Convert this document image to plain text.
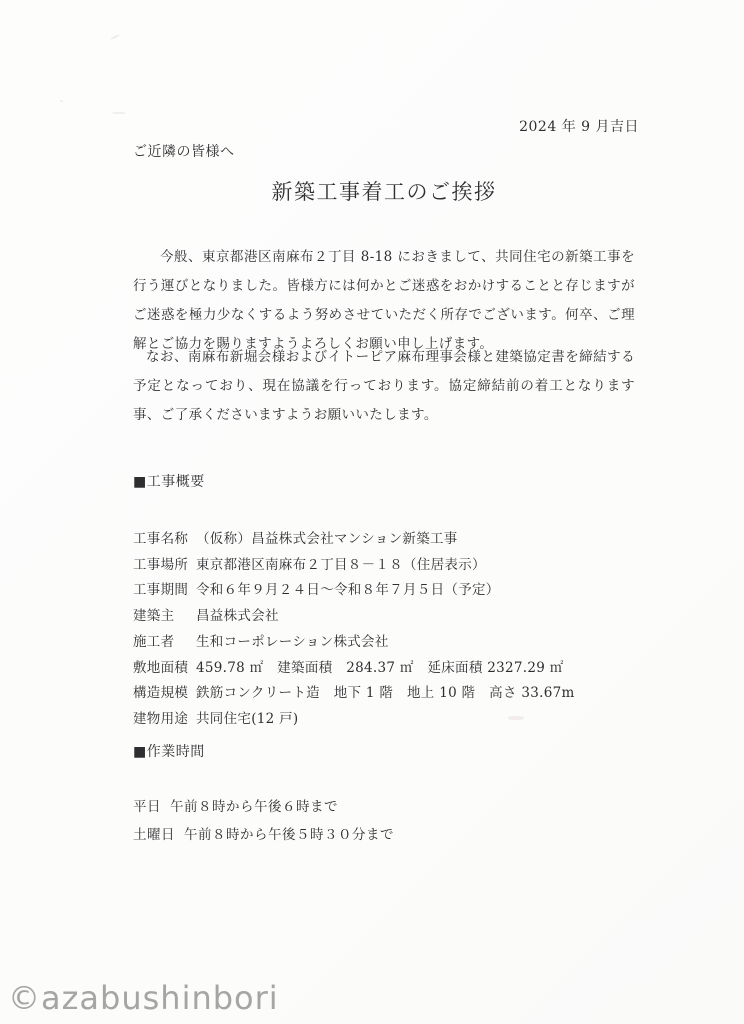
2024 年 9 月吉日
ご近隣の皆様へ
新築工事着工のご挨拶

今般、東京都港区南麻布２丁目 8-18 におきまして、共同住宅の新築工事を行う運びとなりました。皆様方には何かとご迷惑をおかけすることと存じますがご迷惑を極力少なくするよう努めさせていただく所存でございます。何卒、ご理解とご協力を賜りますようよろしくお願い申し上げます。

なお、南麻布新堀会様およびイトーピア麻布理事会様と建築協定書を締結する予定となっており、現在協議を行っております。協定締結前の着工となります事、ご了承くださいますようお願いいたします。

■工事概要
工事名称 （仮称）昌益株式会社マンション新築工事
工事場所 東京都港区南麻布２丁目８－１８（住居表示）
工事期間 令和６年９月２４日～令和８年７月５日（予定）
建築主 昌益株式会社
施工者 生和コーポレーション株式会社
敷地面積 459.78 ㎡　建築面積　284.37 ㎡　延床面積 2327.29 ㎡
構造規模 鉄筋コンクリート造　地下 1 階　地上 10 階　高さ 33.67m
建物用途 共同住宅(12 戸)
■作業時間
平日 午前８時から午後６時まで
土曜日 午前８時から午後５時３０分まで
©azabushinbori
